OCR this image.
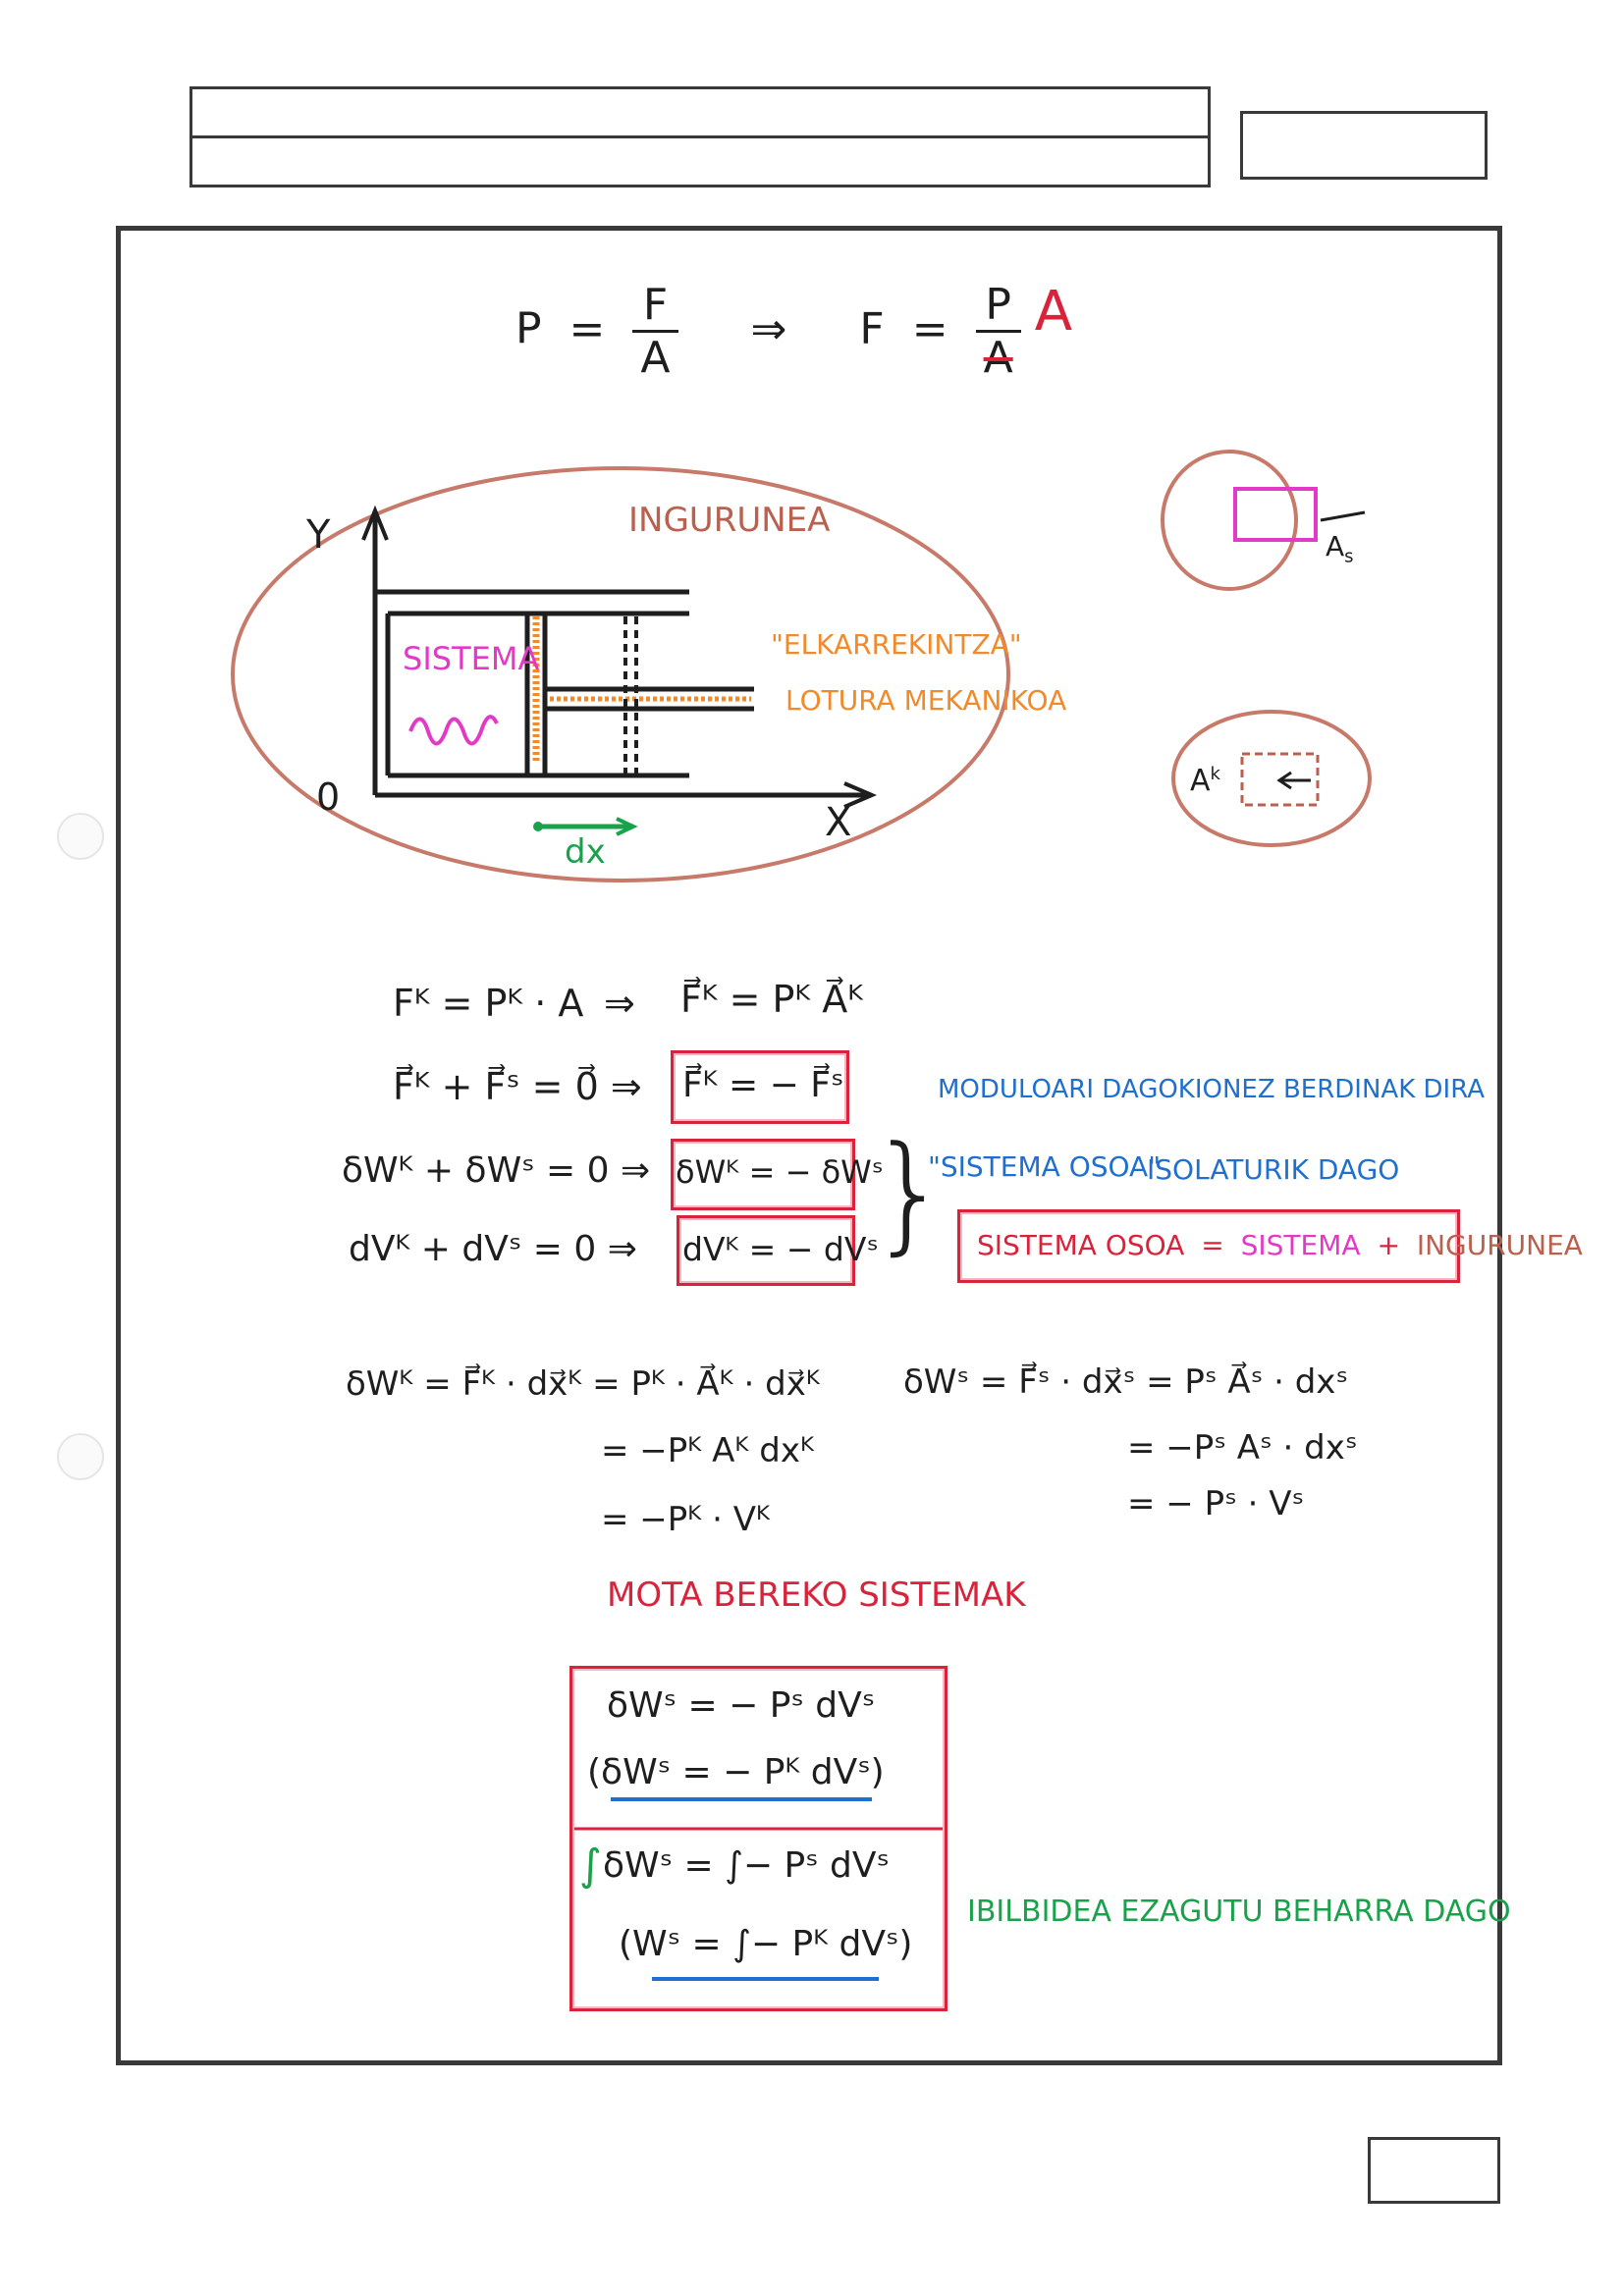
$P = \frac{F}{A}$ ⇒ $F = \frac{P}{A}$ A
INGURUNEA
SISTEMA	"ELKARREKINTZA"
LOTURA MEKANIKOA
Y
X
0
dx
$A_s$
$A^k$
Fᴷ = Pᴷ · A ⇒ F⃗ᴷ = Pᴷ A⃗ᴷ
F⃗ᴷ + F⃗ˢ = 0⃗ ⇒ F⃗ᴷ = − F⃗ˢ	MODULOARI DAGOKIONEZ BERDINAK DIRA
δWᴷ + δWˢ = 0 ⇒ δWᴷ = − δWˢ "SISTEMA OSOA"
ISOLATURIK DAGO
dVᴷ + dVˢ = 0 ⇒ dVᴷ = − dVˢ
} SISTEMA OSOA = SISTEMA + INGURUNEA
δWᴷ = F⃗ᴷ · dx⃗ᴷ = Pᴷ · A⃗ᴷ · dx⃗ᴷ
= −Pᴷ Aᴷ dxᴷ
= −Pᴷ · Vᴷ
δWˢ = F⃗ˢ · dx⃗ˢ = Pˢ A⃗ˢ · dxˢ
= −Pˢ Aˢ · dxˢ
= − Pˢ · Vˢ
MOTA BEREKO SISTEMAK
δWˢ = − Pˢ dVˢ
(δWˢ = − Pᴷ dVˢ)
∫ δWˢ = ∫− Pˢ dVˢ
(Wˢ = ∫− Pᴷ dVˢ)
IBILBIDEA EZAGUTU BEHARRA DAGO
